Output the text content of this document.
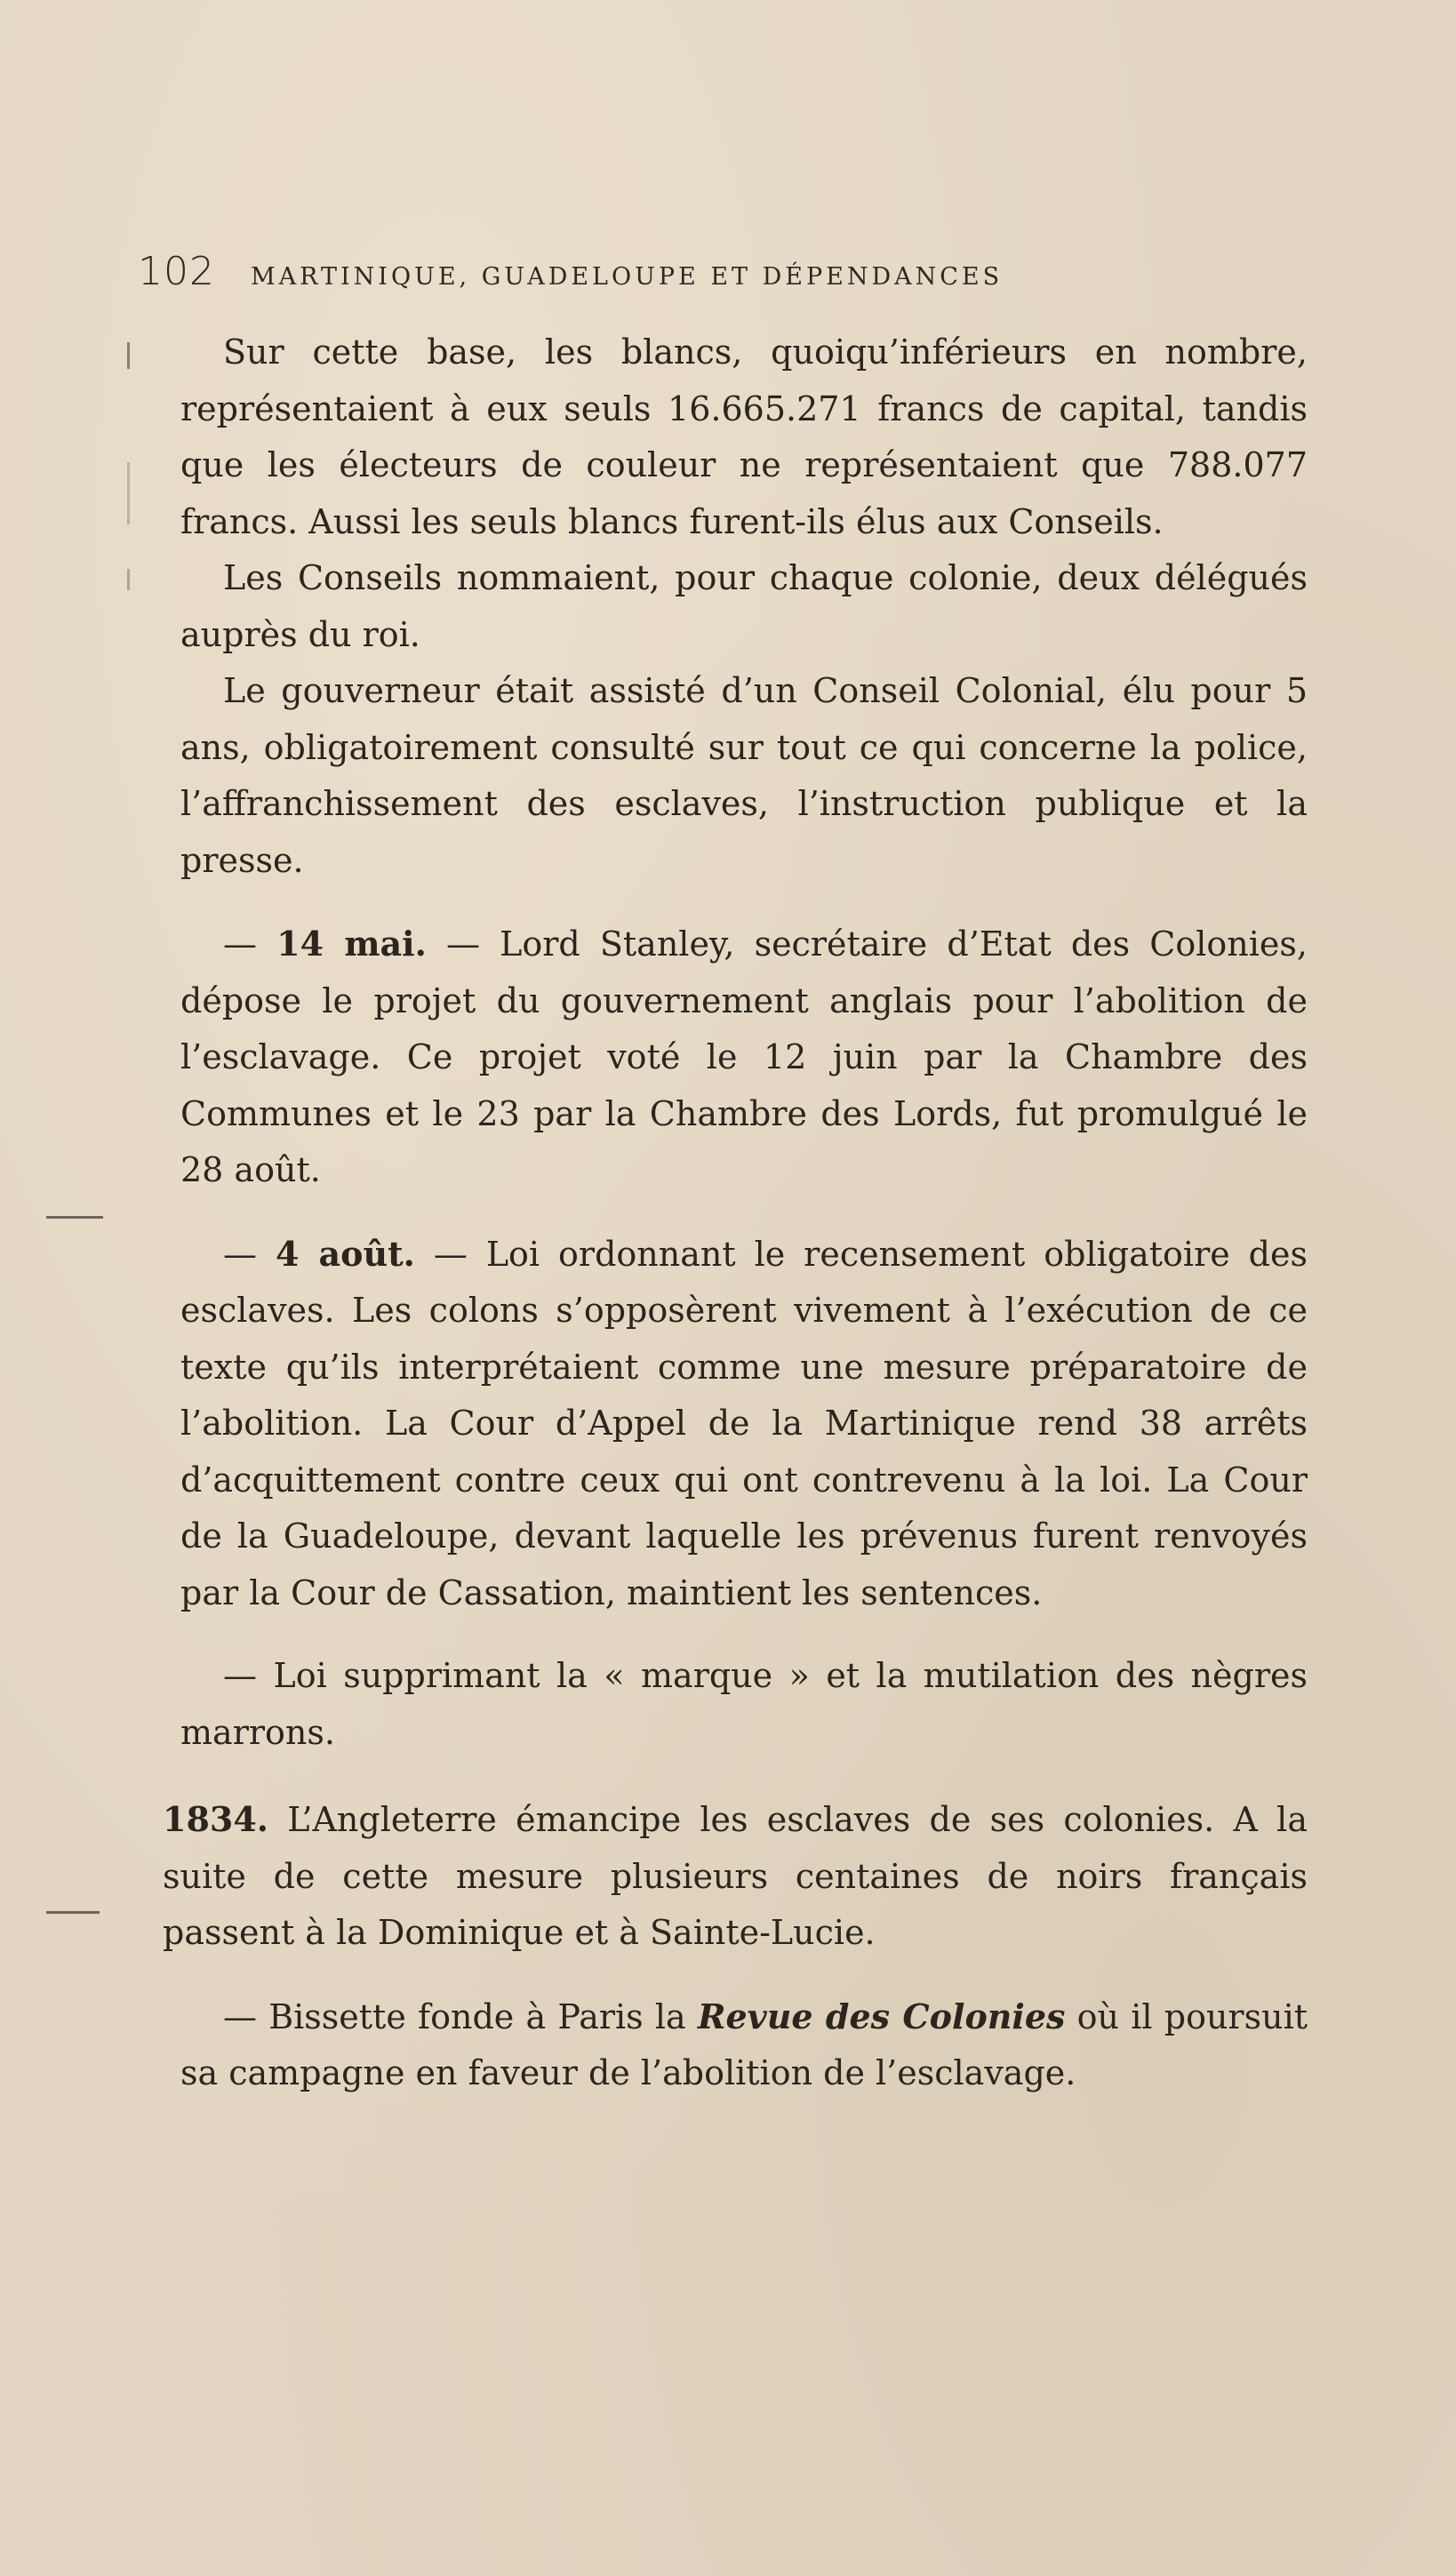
102 MARTINIQUE, GUADELOUPE ET DÉPENDANCES

Sur cette base, les blancs, quoiqu’inférieurs en nombre, représentaient à eux seuls 16.665.271 francs de capital, tandis que les électeurs de couleur ne représentaient que 788.077 francs. Aussi les seuls blancs furent-ils élus aux Conseils.

Les Conseils nommaient, pour chaque colonie, deux délégués auprès du roi.

Le gouverneur était assisté d’un Conseil Colonial, élu pour 5 ans, obligatoirement consulté sur tout ce qui concerne la police, l’affranchissement des esclaves, l’instruction publique et la presse.

— 14 mai. — Lord Stanley, secrétaire d’Etat des Colonies, dépose le projet du gouvernement anglais pour l’abolition de l’esclavage. Ce projet voté le 12 juin par la Chambre des Communes et le 23 par la Chambre des Lords, fut promulgué le 28 août.

— 4 août. — Loi ordonnant le recensement obligatoire des esclaves. Les colons s’opposèrent vivement à l’exécution de ce texte qu’ils interprétaient comme une mesure préparatoire de l’abolition. La Cour d’Appel de la Martinique rend 38 arrêts d’acquittement contre ceux qui ont contrevenu à la loi. La Cour de la Guadeloupe, devant laquelle les prévenus furent renvoyés par la Cour de Cassation, maintient les sentences.

— Loi supprimant la « marque » et la mutilation des nègres marrons.

1834. L’Angleterre émancipe les esclaves de ses colonies. A la suite de cette mesure plusieurs centaines de noirs français passent à la Dominique et à Sainte-Lucie.

— Bissette fonde à Paris la Revue des Colonies où il poursuit sa campagne en faveur de l’abolition de l’esclavage.
